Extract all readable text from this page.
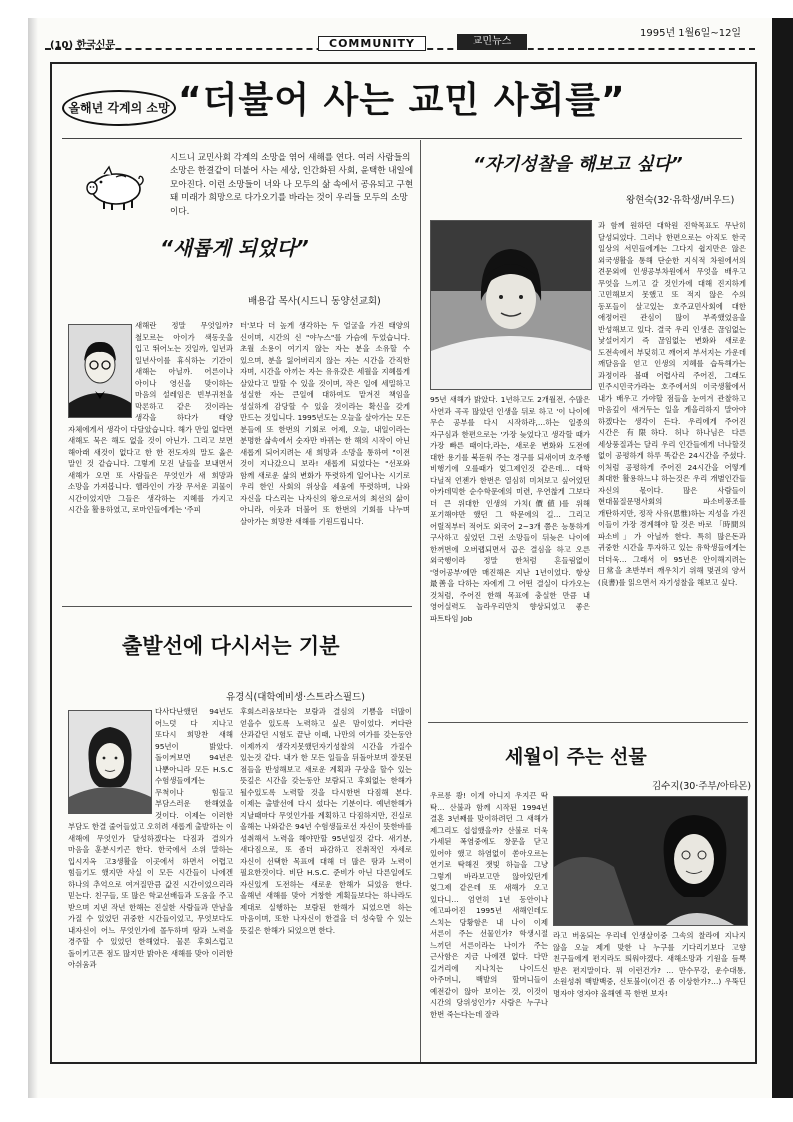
1995년 1월6일~12일
(10) 한국신문	COMMUNITY	교민뉴스
올해년 각계의 소망 “더불어 사는 교민 사회를”
시드니 교민사회 각계의 소망을 엮어 새해를 연다. 여러 사람들의 소망은 한결같이 더불어 사는 세상, 인간화된 사회, 윤택한 내일에 모아진다. 이런 소망들이 너와 나 모두의 삶 속에서 공유되고 구현돼 미래가 희망으로 다가오기를 바라는 것이 우리들 모두의 소망이다.
“새롭게 되었다”
배용갑 목사(시드니 동양선교회)
새해란 정말 무엇일까? 철모르는 아이가 색동옷을 입고 뛰어노는 것일까, 일년과 일년사이를 휴식하는 기간이 새해는 아닐까. 어른이나 아이나 영신을 맞이하는 마음의 설레임은 빈부귀천을 막론하고 같은 것이라는 생각을 하다가 태양 자체에게서 생각이 다달았습니다. 해가 만일 없다면 새해도 묵은 해도 없을 것이 아닌가. 그리고 보면 해아래 새것이 없다고 한 한 전도자의 말도 옳은 말인 것 같습니다. 그렇게 모진 날들을 보내면서 새해가 오면 또 사람들은 무엇인가 새 희망과 소망을 가져봅니다. 헬라인이 가장 무서운 괴물이 시간이었지만 그들은 생각하는 지혜를 가지고 시간을 활용하였고, 로마인들에게는 '주피
터'보다 더 높게 생각하는 두 얼굴을 가진 태양의 신이며, 시간의 신 "야누스"를 가슴에 두었습니다. 초월 소용이 여기지 않는 자는 분을 소유할 수 있으며, 분을 잃어버리지 않는 자는 시간을 간직한 자며, 시간을 아끼는 자는 유유갔은 세월을 지혜롭게 살았다고 말할 수 있을 것이며, 작은 일에 세밀하고 성실한 자는 큰일에 대하여도 맡겨진 책임을 성실하게 감당할 수 있을 것이라는 확신을 갖게 만드는 것입니다. 1995년도는 오늘을 살아가는 모든 분들에 또 한번의 기회로 어제, 오늘, 내일이라는 분명한 삶속에서 숫자만 바뀌는 한 해의 시작이 아닌 새롭게 되어지려는 새 희망과 소망을 통하여 "이전 것이 지나갔으니 보라! 새롭게 되었다는 "선포와 함께 새로운 삶의 변화가 뚜렷하게 일어나는 시기로 우리 한인 사회의 위상을 세움에 뚜렷하며, 나와 자신을 다스리는 나자신의 왕으로서의 최선의 삶이 아니라, 이웃과 더불어 또 한번의 기회를 나누며 살아가는 희망찬 새해를 기원드립니다.
출발선에 다시서는 기분
유경식(대학예비생·스트라스필드)
다사다난했던 94년도 어느덧 다 지나고 또다시 희망찬 새해 95년이 밝았다. 돌이켜보면 94년은 나뿐아니라 모든 H.S.C 수험생들에게는 무척이나 힘들고 부담스러운 한해였을 것이다. 이제는 이러한 부담도 한결 줄어들었고 오히려 새롭게 출발하는 이 새해에 무엇인가 달성하겠다는 다짐과 결의가 마음을 훈분시키곤 한다. 한국에서 소위 말하는 입시지옥 고3생활을 이곳에서 하면서 어렵고 힘들기도 했지만 사실 이 모든 시간들이 나에겐 하나의 추억으로 여겨질만큼 값진 시간이었으리라 믿는다. 친구들, 또 많은 학교선배들과 도움을 주고 받으며 지낸 작년 한해는 진실한 사람들과 만남을 가질 수 있었던 귀중한 시간들이었고, 무엇보다도 내자신이 어느 무엇인가에 몰두하며 땀과 노력을 경주할 수 있었던 한해였다. 물론 후회스럽고 돌이키고픈 점도 많지만 밝아온 새해를 맞아 이러한 아쉬움과
후회스러움보다는 보람과 결심의 기쁨을 더많이 얻을수 있도록 노력하고 싶은 맘이었다. 커다란 산과같던 시험도 끝난 이때, 나만의 여가를 갖는동안 이제까지 생각지못했던자기성찰의 시간을 가질수 있는것 같다. 내가 한 모든 일들을 뒤돌아보며 잘못된 점들을 반성해보고 새로운 계획과 구상을 할수 있는 뜻깊은 시간을 갖는동안 보람되고 후회없는 한해가 될수있도록 노력할 것을 다시한번 다짐해 본다. 이제는 출발선에 다시 섰다는 기분이다. 예년한해가 지날때마다 무엇인가를 계획하고 다짐하지만, 진실로 올해는 나와같은 94년 수험생들로선 자신이 뜻한바를 성취해서 노력을 해야만할 95년일것 같다. 새기분, 새다짐으로, 또 좀더 파감하고 진취적인 자세로 자신이 선택한 목표에 대해 더 많은 땀과 노력이 필요한것이다. 비단 H.S.C. 준비가 아닌 다른일에도 자신있게 도전하는 새로운 한해가 되었음 한다. 올해년 새해를 맞아 거창한 계획들보다는 하나라도 제대로 실행하는 보람된 한해가 되었으면 하는 마음이며, 또한 나자신이 한결을 더 성숙할 수 있는 뜻깊은 한해가 되었으면 한다.
“자기성찰을 해보고 싶다”
왕현숙(32·유학생/버우드)
95년 새해가 밝았다. 1년하고도 2개월전, 수많은 사연과 곡곡 많았던 인생을 뒤로 하고 '이 나이에 무슨 공부를 다시 시작하랴,…하는 일종의 자구심과 한편으로는 '가장 늦었다고 생각할 때가 가장 빠른 때이다,라는, 새로운 변화와 도전에 대한 용기를 북돋워 주는 경구를 되새이며 호주행 비행기에 오를때가 엊그제인것 같은데… 대학 다닐적 언젠가 한번은 열심히 미쳐보고 싶어었던 아카데믹한 순수학문에의 미련, 우연찮게 그보다 더 큰 위대한 인생의 가치(價値)를 위해 포기해야만 했던 그 학문에의 길… 그리고 어릴적부터 적어도 외국어 2~3개 쯤은 능통하게 구사하고 싶었던 그런 소망들이 뒤늦은 나이에 한꺼번에 오버랩되면서 곱은 결심을 하고 오른 외국행이라 정말 한처럼 흔들림없이 '영어공부'에만 매진해온 지난 1년이었다. 항상 最善을 다하는 자에게 그 어떤 결실이 다가오는 것처럼, 주어진 한해 목표에 충실한 만큼 내 영어실력도 놀라우리만치 향상되었고 좋은 파트타임 Job
과 함께 원하던 대학원 진학목표도 무난히 달성되었다. 그러나 한편으로는 아직도 한국 일상의 서민들에게는 그다지 쉽지만은 않은 외국생활을 통해 단순한 지식적 차원에서의 견문외에 인생공부차원에서 무엇을 배우고 무엇을 느끼고 갈 것인가에 대해 진지하게 고민해보지 못했고 또 적지 않은 수의 동포들이 살고있는 호주교민사회에 대한 애정어린 관심이 많이 부족했었음을 반성해보고 있다. 결국 우리 인생은 끊임없는 낯설어지기 즉 끊임없는 변화와 새로운 도전속에서 부딪히고 깨어져 부서지는 가운데 깨달음을 얻고 인생의 지혜를 습득해가는 과정이라 볼때 어렵사리 주어진, 그래도 민주시민국가라는 호주에서의 이국생활에서 내가 배우고 가야할 점들을 눈여겨 관찰하고 마음깊이 새겨두는 일을 게을리하지 말아야 하겠다는 생각이 든다. 우리에게 주어진 시간은 有限하다. 허나 하나님은 다른 세상풍질과는 달리 우리 인간들에게 너나할것 없이 공평하게 하루 똑같은 24시간을 주셨다. 이처럼 공평하게 주어진 24시간을 어떻게 최대한 활용하느냐 하는것은 우리 개별인간들 자신의 몫이다. 많은 사람들이 현대물질문명사회의 파소비풍조를 개탄하지만, 정작 사유(思惟)하는 지성을 가진 이들이 가장 경계해야 할 것은 바로 「時間의 파소비」가 아닐까 한다. 특히 많은돈과 귀중한 시간을 투자하고 있는 유학생들에게는 더더욱… 그래서 이 95년은 안이해지려는 日常을 초반부터 깨우치기 위해 몇권의 양서(良書)를 읽으면서 자기성찰을 해보고 싶다.
세월이 주는 선물
김수지(30·주부/아타몬)
우르릉 쾅! 이게 아니지 우지끈 딱 탁… 산불과 함께 시작된 1994년 결혼 3년째를 맞이하려던 그 새해가 제그리도 섭섭했을까? 산불로 더욱 가세된 폭염중에도 창문을 닫고 있어야 했고 하염없이 쏟아오르는 연기로 탁해진 잿빛 하늘을 그냥 그렇게 바라보고만 않아있던게 엊그제 같은데 또 새해가 오고 있다니… 엄연히 1년 동안이나 에고파어진 1995년 새해인데도 스치는 당황함은 내 나이 이제 서른이 주는 선물인가? 학생시절 느끼던 서른이라는 나이가 주는 근사함은 지금 나에겐 없다. 다만 길거리에 지나치는 나이드신 아주머니, 백발의 할머니들이 예전같이 않아 보이는 것, 이것이 시간의 당위성인가? 사람은 누구나 한번 죽는다는데 잘라
라고 버움되는 우리네 인생살이중 그속의 찰라에 지나지 않을 오늘 제게 맞한 나 누구를 기다리기보다 고향 친구들에게 편지라도 띄워야겠다. 새해소망과 기원을 듬뿍 받은 편지말이다. 뭐 이런건가? … 만수무강, 운수대통, 소원성취 백발백중, 신토불이(이건 좀 이상한가?…) 우뚝딘 명자야 영자야 올해엔 꼭 한번 보자!
